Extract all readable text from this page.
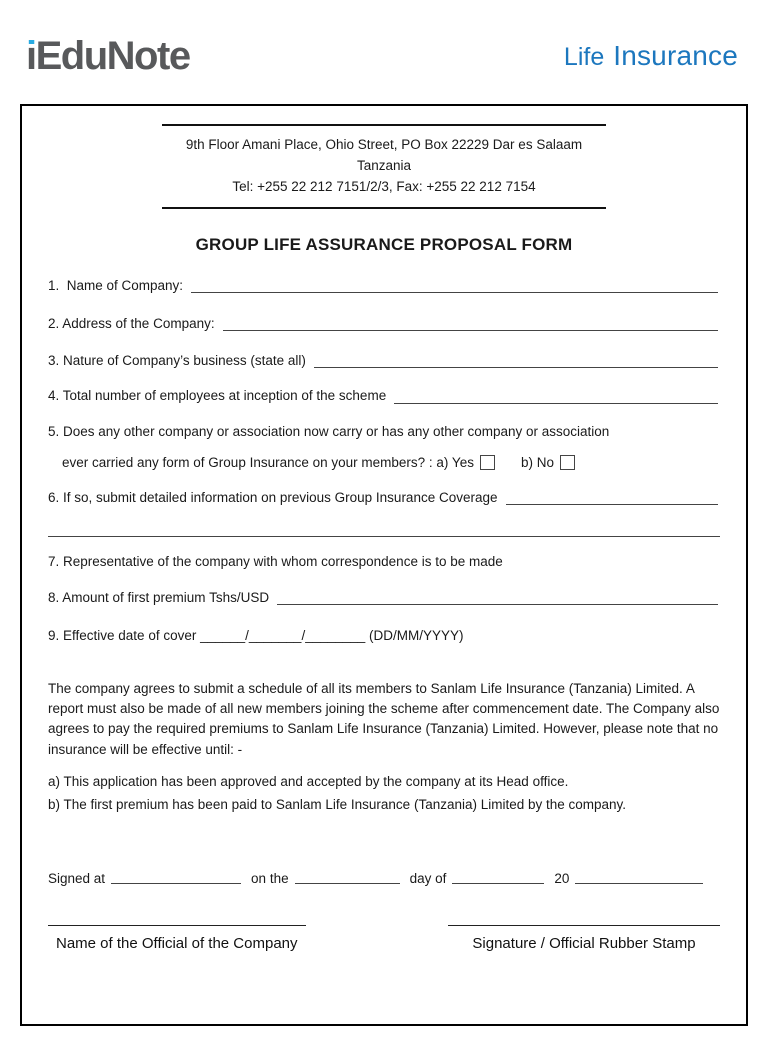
iEduNote	Life Insurance
9th Floor Amani Place, Ohio Street, PO Box 22229 Dar es Salaam Tanzania
Tel: +255 22 212 7151/2/3, Fax: +255 22 212 7154
GROUP LIFE ASSURANCE PROPOSAL FORM
1.  Name of Company:
2. Address of the Company:
3. Nature of Company’s business (state all)
4. Total number of employees at inception of the scheme
5. Does any other company or association now carry or has any other company or association
ever carried any form of Group Insurance on your members? : a) Yes	b) No
6. If so, submit detailed information on previous Group Insurance Coverage
7. Representative of the company with whom correspondence is to be made
8. Amount of first premium Tshs/USD
9. Effective date of cover ______/_______/________ (DD/MM/YYYY)
The company agrees to submit a schedule of all its members to Sanlam Life Insurance (Tanzania) Limited. A report must also be made of all new members joining the scheme after commencement date. The Company also agrees to pay the required premiums to Sanlam Life Insurance (Tanzania) Limited. However, please note that no insurance will be effective until: -
a) This application has been approved and accepted by the company at its Head office.
b) The first premium has been paid to Sanlam Life Insurance (Tanzania) Limited by the company.
Signed at	on the	day of	20
Name of the Official of the Company	Signature / Official Rubber Stamp
